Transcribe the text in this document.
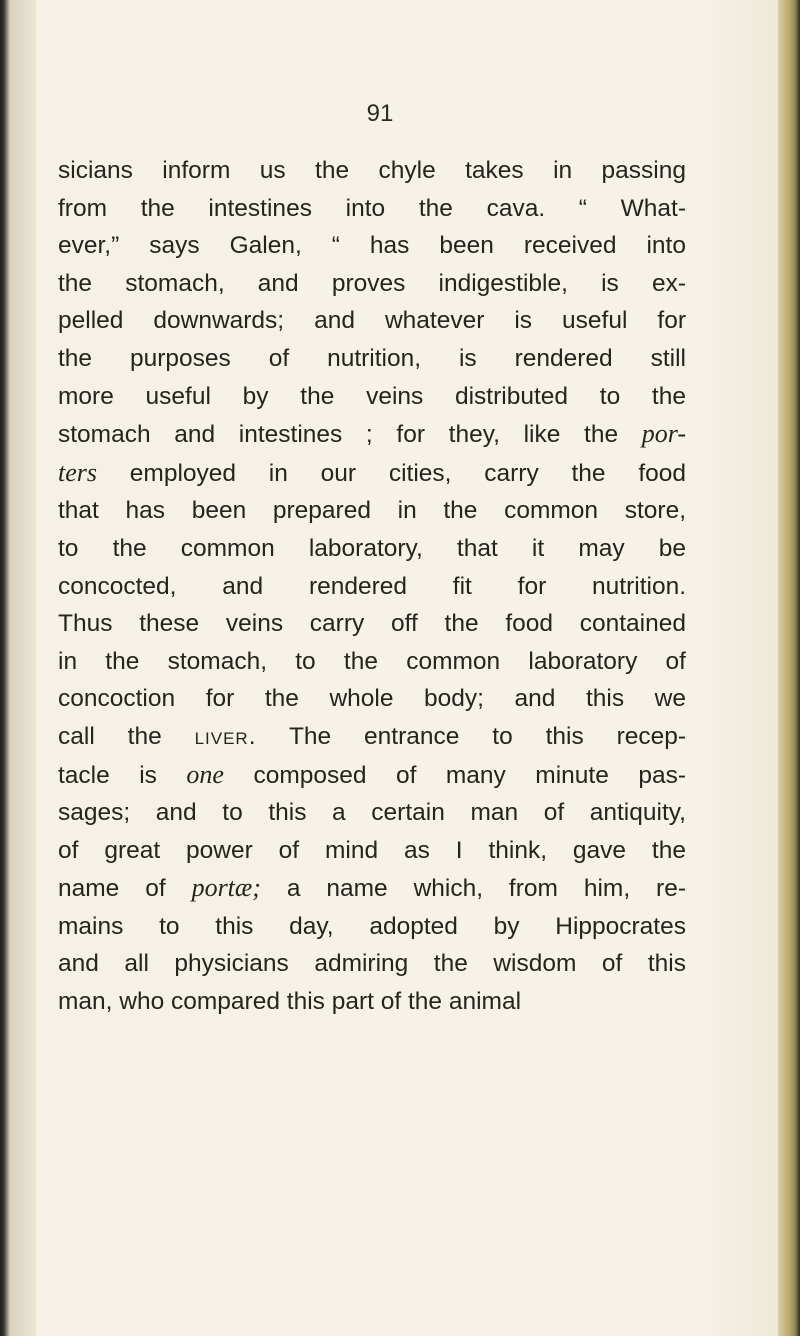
91
sicians inform us the chyle takes in passing
from the intestines into the cava. “ What-
ever,” says Galen, “ has been received into
the stomach, and proves indigestible, is ex-
pelled downwards; and whatever is useful for
the purposes of nutrition, is rendered still
more useful by the veins distributed to the
stomach and intestines ; for they, like the por-
ters employed in our cities, carry the food
that has been prepared in the common store,
to the common laboratory, that it may be
concocted, and rendered fit for nutrition.
Thus these veins carry off the food contained
in the stomach, to the common laboratory of
concoction for the whole body; and this we
call the liver. The entrance to this recep-
tacle is one composed of many minute pas-
sages; and to this a certain man of antiquity,
of great power of mind as I think, gave the
name of portæ; a name which, from him, re-
mains to this day, adopted by Hippocrates
and all physicians admiring the wisdom of this
man, who compared this part of the animal
